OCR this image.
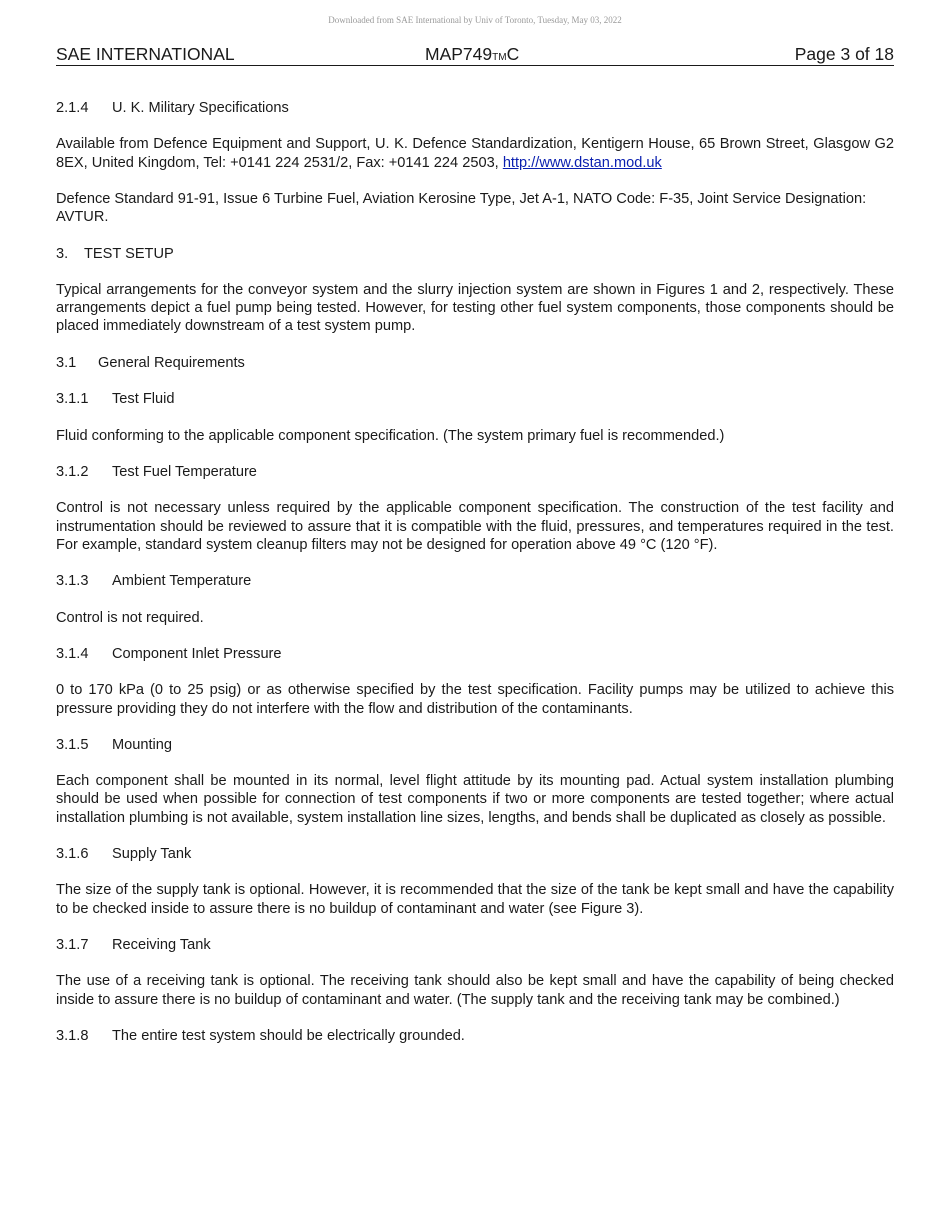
Downloaded from SAE International by Univ of Toronto, Tuesday, May 03, 2022
SAE INTERNATIONAL	MAP749TMC	Page 3 of 18
2.1.4 U. K. Military Specifications

Available from Defence Equipment and Support, U. K. Defence Standardization, Kentigern House, 65 Brown Street, Glasgow G2 8EX, United Kingdom, Tel: +0141 224 2531/2, Fax: +0141 224 2503, http://www.dstan.mod.uk

Defence Standard 91-91, Issue 6 Turbine Fuel, Aviation Kerosine Type, Jet A-1, NATO Code: F-35, Joint Service Designation: AVTUR.

3. TEST SETUP

Typical arrangements for the conveyor system and the slurry injection system are shown in Figures 1 and 2, respectively. These arrangements depict a fuel pump being tested. However, for testing other fuel system components, those components should be placed immediately downstream of a test system pump.

3.1 General Requirements
3.1.1 Test Fluid

Fluid conforming to the applicable component specification. (The system primary fuel is recommended.)

3.1.2 Test Fuel Temperature

Control is not necessary unless required by the applicable component specification. The construction of the test facility and instrumentation should be reviewed to assure that it is compatible with the fluid, pressures, and temperatures required in the test. For example, standard system cleanup filters may not be designed for operation above 49 °C (120 °F).

3.1.3 Ambient Temperature

Control is not required.

3.1.4 Component Inlet Pressure

0 to 170 kPa (0 to 25 psig) or as otherwise specified by the test specification. Facility pumps may be utilized to achieve this pressure providing they do not interfere with the flow and distribution of the contaminants.

3.1.5 Mounting

Each component shall be mounted in its normal, level flight attitude by its mounting pad. Actual system installation plumbing should be used when possible for connection of test components if two or more components are tested together; where actual installation plumbing is not available, system installation line sizes, lengths, and bends shall be duplicated as closely as possible.

3.1.6 Supply Tank

The size of the supply tank is optional. However, it is recommended that the size of the tank be kept small and have the capability to be checked inside to assure there is no buildup of contaminant and water (see Figure 3).

3.1.7 Receiving Tank

The use of a receiving tank is optional. The receiving tank should also be kept small and have the capability of being checked inside to assure there is no buildup of contaminant and water. (The supply tank and the receiving tank may be combined.)

3.1.8 The entire test system should be electrically grounded.
